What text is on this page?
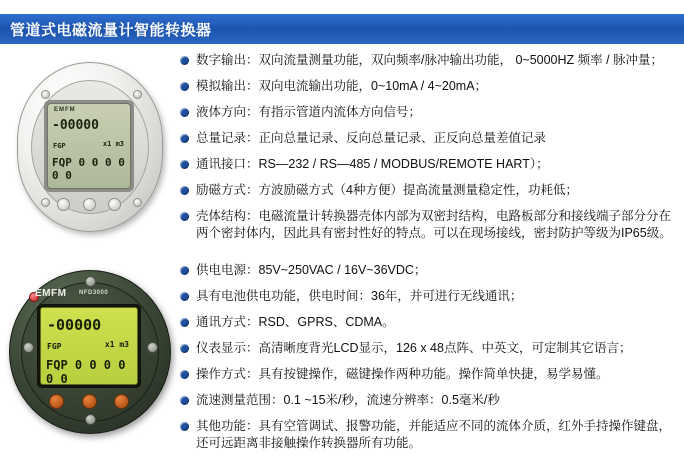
管道式电磁流量计智能转换器
EMFM
-00000
FGP	x1 m3
FQP 0 0 0 0 0 0
数字输出：双向流量测量功能，双向频率/脉冲输出功能， 0~5000HZ 频率 / 脉冲量；
模拟输出：双向电流输出功能，0~10mA / 4~20mA；
液体方向：有指示管道内流体方向信号；
总量记录：正向总量记录、反向总量记录、正反向总量差值记录
通讯接口：RS—232 / RS—485 / MODBUS/REMOTE HART）；
励磁方式：方波励磁方式（4种方便）提高流量测量稳定性，功耗低；
壳体结构：电磁流量计转换器壳体内部为双密封结构，电路板部分和接线端子部分分在两个密封体内，因此具有密封性好的特点。可以在现场接线，密封防护等级为IP65级。
EMFM NFD3000
-00000
FGP	x1 m3
FQP 0 0 0 0 0 0
供电电源：85V~250VAC / 16V~36VDC；
具有电池供电功能，供电时间：36年，并可进行无线通讯；
通讯方式：RSD、GPRS、CDMA。
仪表显示：高清晰度背光LCD显示，126 x 48点阵、中英文，可定制其它语言；
操作方式：具有按键操作，磁键操作两种功能。操作简单快捷，易学易懂。
流速测量范围：0.1 ~15米/秒，流速分辨率：0.5毫米/秒
其他功能：具有空管调试、报警功能，并能适应不同的流体介质，红外手持操作键盘，还可远距离非接触操作转换器所有功能。
